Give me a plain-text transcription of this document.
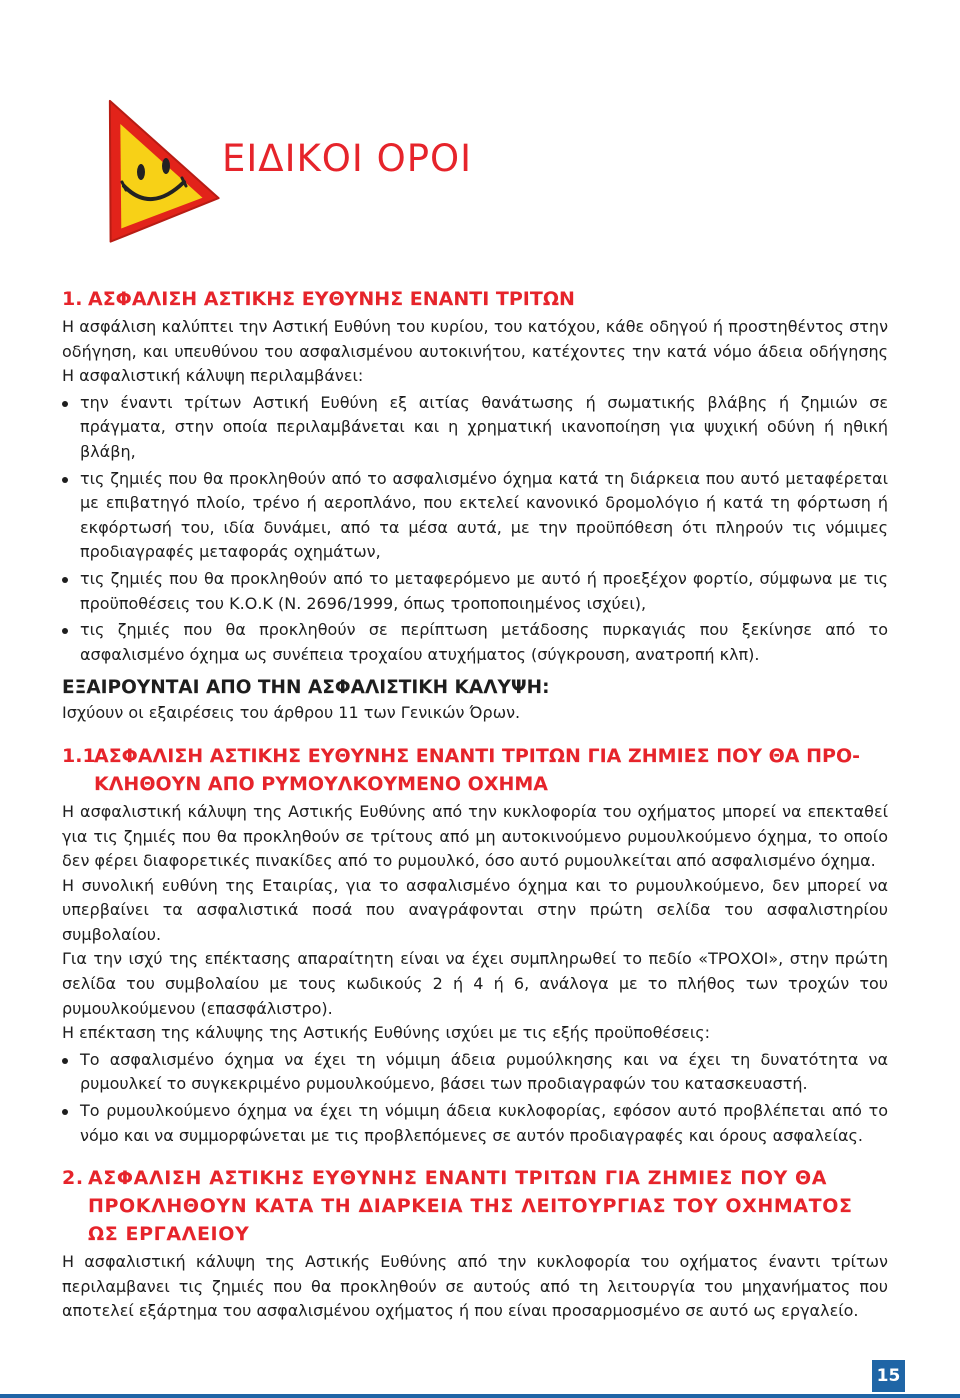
ΕΙΔΙΚΟΙ ΟΡΟΙ
1. ΑΣΦΑΛΙΣΗ ΑΣΤΙΚΗΣ ΕΥΘΥΝΗΣ ΕΝΑΝΤΙ ΤΡΙΤΩΝ

Η ασφάλιση καλύπτει την Αστική Ευθύνη του κυρίου, του κατόχου, κάθε οδηγού ή προστηθέντος στην οδήγηση, και υπευθύνου του ασφαλισμένου αυτοκινήτου, κατέχοντες την κατά νόμο άδεια οδήγησης Η ασφαλιστική κάλυψη περιλαμβάνει:

την έναντι τρίτων Αστική Ευθύνη εξ αιτίας θανάτωσης ή σωματικής βλάβης ή ζημιών σε πράγματα, στην οποία περιλαμβάνεται και η χρηματική ικανοποίηση για ψυχική οδύνη ή ηθική βλάβη,
τις ζημιές που θα προκληθούν από το ασφαλισμένο όχημα κατά τη διάρκεια που αυτό μεταφέρεται με επιβατηγό πλοίο, τρένο ή αεροπλάνο, που εκτελεί κανονικό δρομολόγιο ή κατά τη φόρτωση ή εκφόρτωσή του, ιδία δυνάμει, από τα μέσα αυτά, με την προϋπόθεση ότι πληρούν τις νόμιμες προδιαγραφές μεταφοράς οχημάτων,
τις ζημιές που θα προκληθούν από το μεταφερόμενο με αυτό ή προεξέχον φορτίο, σύμφωνα με τις προϋποθέσεις του Κ.Ο.Κ (Ν. 2696/1999, όπως τροποποιημένος ισχύει),
τις ζημιές που θα προκληθούν σε περίπτωση μετάδοσης πυρκαγιάς που ξεκίνησε από το ασφαλισμένο όχημα ως συνέπεια τροχαίου ατυχήματος (σύγκρουση, ανατροπή κλπ).
ΕΞΑΙΡΟΥΝΤΑΙ ΑΠΟ ΤΗΝ ΑΣΦΑΛΙΣΤΙΚΗ ΚΑΛΥΨΗ:

Ισχύουν οι εξαιρέσεις του άρθρου 11 των Γενικών Όρων.

1.1
ΑΣΦΑΛΙΣΗ ΑΣΤΙΚΗΣ ΕΥΘΥΝΗΣ ΕΝΑΝΤΙ ΤΡΙΤΩΝ ΓΙΑ ΖΗΜΙΕΣ ΠΟΥ ΘΑ ΠΡΟ-ΚΛΗΘΟΥΝ ΑΠΟ ΡΥΜΟΥΛΚΟΥΜΕΝΟ ΟΧΗΜΑ

Η ασφαλιστική κάλυψη της Αστικής Ευθύνης από την κυκλοφορία του οχήματος μπορεί να επεκταθεί για τις ζημιές που θα προκληθούν σε τρίτους από μη αυτοκινούμενο ρυμουλκούμενο όχημα, το οποίο δεν φέρει διαφορετικές πινακίδες από το ρυμουλκό, όσο αυτό ρυμουλκείται από ασφαλισμένο όχημα.

Η συνολική ευθύνη της Εταιρίας, για το ασφαλισμένο όχημα και το ρυμουλκούμενο, δεν μπορεί να υπερβαίνει τα ασφαλιστικά ποσά που αναγράφονται στην πρώτη σελίδα του ασφαλιστηρίου συμβολαίου.

Για την ισχύ της επέκτασης απαραίτητη είναι να έχει συμπληρωθεί το πεδίο «ΤΡΟΧΟΙ», στην πρώτη σελίδα του συμβολαίου με τους κωδικούς 2 ή 4 ή 6, ανάλογα με το πλήθος των τροχών του ρυμουλκούμενου (επασφάλιστρο).

Η επέκταση της κάλυψης της Αστικής Ευθύνης ισχύει με τις εξής προϋποθέσεις:

Το ασφαλισμένο όχημα να έχει τη νόμιμη άδεια ρυμούλκησης και να έχει τη δυνατότητα να ρυμουλκεί το συγκεκριμένο ρυμουλκούμενο, βάσει των προδιαγραφών του κατασκευαστή.
Το ρυμουλκούμενο όχημα να έχει τη νόμιμη άδεια κυκλοφορίας, εφόσον αυτό προβλέπεται από το νόμο και να συμμορφώνεται με τις προβλεπόμενες σε αυτόν προδιαγραφές και όρους ασφαλείας.
2. ΑΣΦΑΛΙΣΗ ΑΣΤΙΚΗΣ ΕΥΘΥΝΗΣ ΕΝΑΝΤΙ ΤΡΙΤΩΝ ΓΙΑ ΖΗΜΙΕΣ ΠΟΥ ΘΑ ΠΡΟΚΛΗΘΟΥΝ ΚΑΤΑ ΤΗ ΔΙΑΡΚΕΙΑ ΤΗΣ ΛΕΙΤΟΥΡΓΙΑΣ ΤΟΥ ΟΧΗΜΑΤΟΣ ΩΣ ΕΡΓΑΛΕΙΟΥ

Η ασφαλιστική κάλυψη της Αστικής Ευθύνης από την κυκλοφορία του οχήματος έναντι τρίτων περιλαμβανει τις ζημιές που θα προκληθούν σε αυτούς από τη λειτουργία του μηχανήματος που αποτελεί εξάρτημα του ασφαλισμένου οχήματος ή που είναι προσαρμοσμένο σε αυτό ως εργαλείο.

15
